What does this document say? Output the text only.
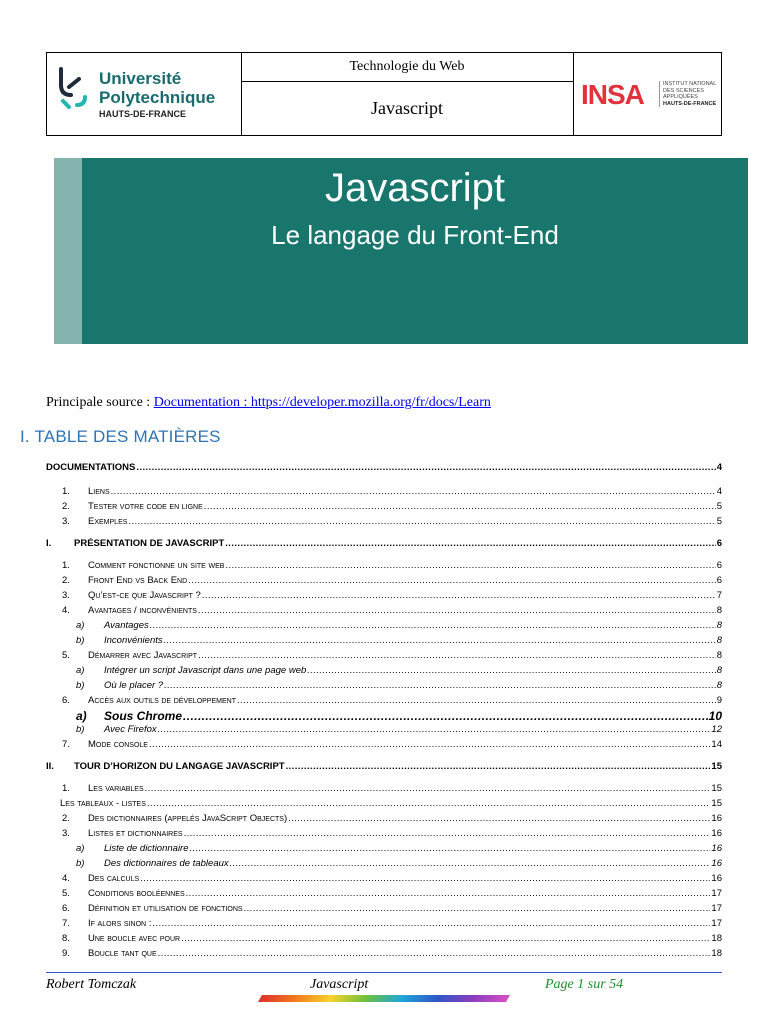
Université
Polytechnique
HAUTS-DE-FRANCE
Technologie du Web
Javascript	INSA	INSTITUT NATIONAL
DES SCIENCES
APPLIQUÉES
HAUTS-DE-FRANCE
Javascript
Le langage du Front-End
Principale source : Documentation : https://developer.mozilla.org/fr/docs/Learn
I. TABLE DES MATIÈRES
DOCUMENTATIONS .....	4
1.	Liens .....	4
2.	Tester votre code en ligne .....	5
3.	Exemples .....	5
I.	PRÉSENTATION DE JAVASCRIPT .....	6
1.	Comment fonctionne un site web .....	6
2.	Front End vs Back End .....	6
3.	Qu’est-ce que Javascript ? .....	7
4.	Avantages / inconvénients .....	8
a)	Avantages .....	8
b)	Inconvénients .....	8
5.	Démarrer avec Javascript .....	8
a)	Intégrer un script Javascript dans une page web .....	8
b)	Où le placer ? .....	8
6.	Accès aux outils de développement .....	9
a)	Sous Chrome .....	10
b)	Avec Firefox .....	12
7.	Mode console .....	14
II.	TOUR D’HORIZON DU LANGAGE JAVASCRIPT .....	15
1.	Les variables .....	15
Les tableaux - listes .....	15
2.	Des dictionnaires (appelés JavaScript Objects) .....	16
3.	Listes et dictionnaires .....	16
a)	Liste de dictionnaire .....	16
b)	Des dictionnaires de tableaux .....	16
4.	Des calculs .....	16
5.	Conditions booléennes .....	17
6.	Définition et utilisation de fonctions .....	17
7.	If alors sinon : .....	17
8.	Une boucle avec pour .....	18
9.	Boucle tant que .....	18
Robert Tomczak	Javascript	Page 1 sur 54
